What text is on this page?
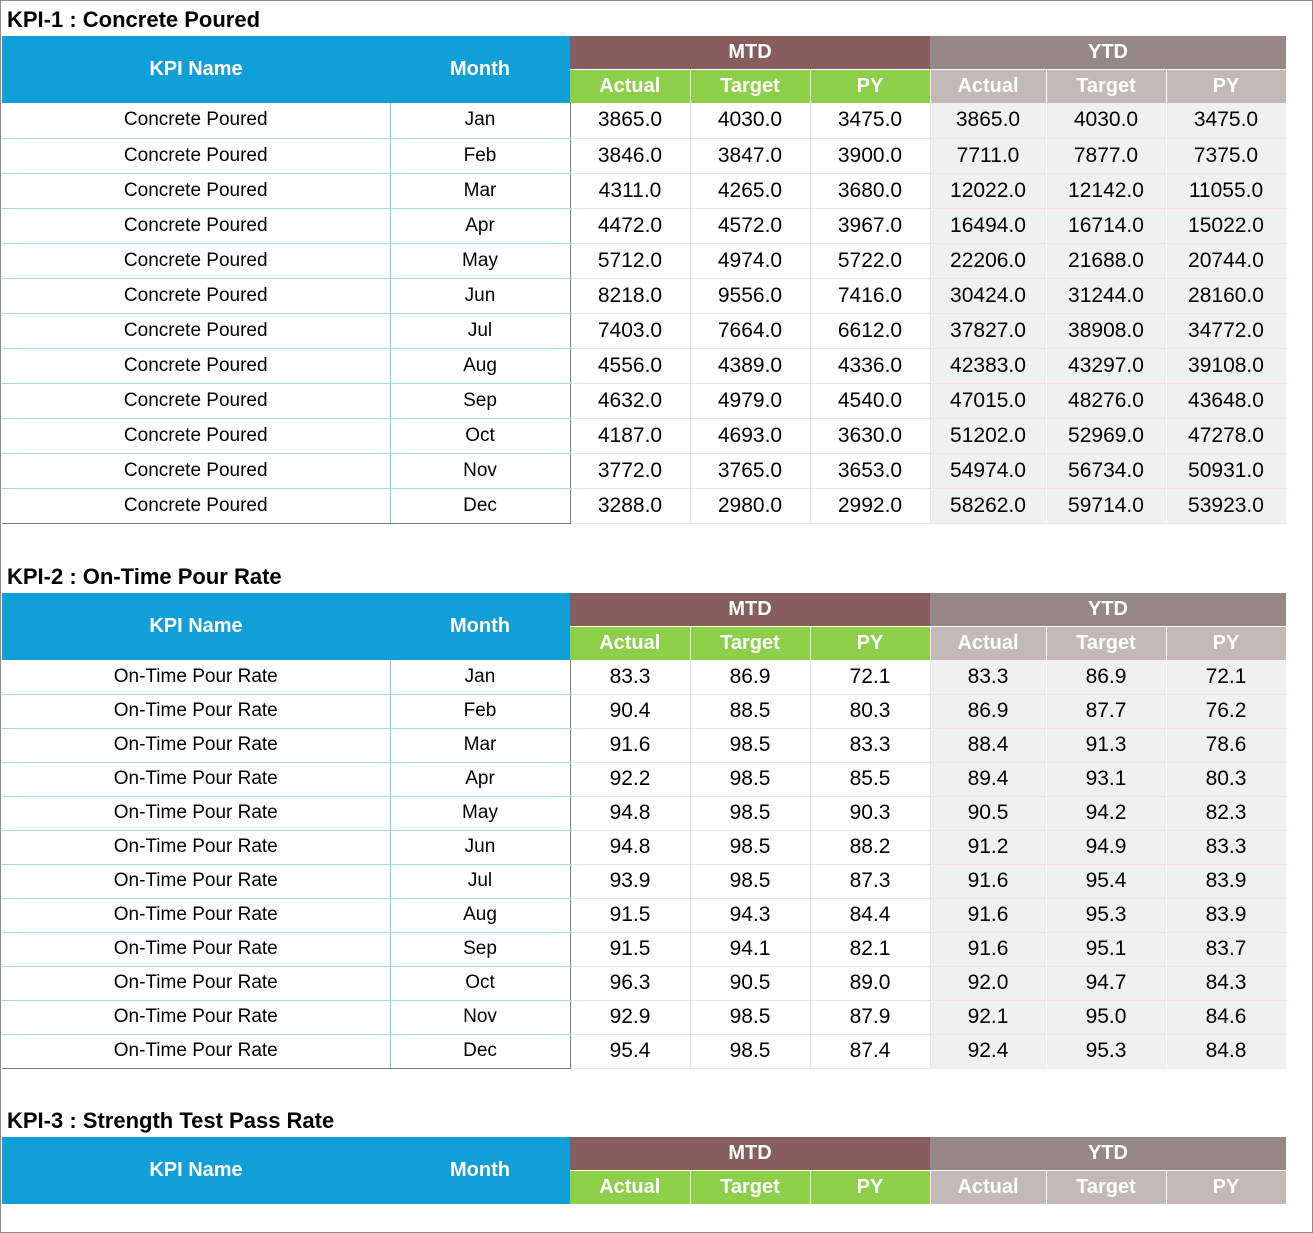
KPI-1 : Concrete Poured
KPI Name	Month	MTD			YTD		
		Actual	Target	PY	Actual	Target	PY
Concrete Poured	Jan	3865.0	4030.0	3475.0	3865.0	4030.0	3475.0
Concrete Poured	Feb	3846.0	3847.0	3900.0	7711.0	7877.0	7375.0
Concrete Poured	Mar	4311.0	4265.0	3680.0	12022.0	12142.0	11055.0
Concrete Poured	Apr	4472.0	4572.0	3967.0	16494.0	16714.0	15022.0
Concrete Poured	May	5712.0	4974.0	5722.0	22206.0	21688.0	20744.0
Concrete Poured	Jun	8218.0	9556.0	7416.0	30424.0	31244.0	28160.0
Concrete Poured	Jul	7403.0	7664.0	6612.0	37827.0	38908.0	34772.0
Concrete Poured	Aug	4556.0	4389.0	4336.0	42383.0	43297.0	39108.0
Concrete Poured	Sep	4632.0	4979.0	4540.0	47015.0	48276.0	43648.0
Concrete Poured	Oct	4187.0	4693.0	3630.0	51202.0	52969.0	47278.0
Concrete Poured	Nov	3772.0	3765.0	3653.0	54974.0	56734.0	50931.0
Concrete Poured	Dec	3288.0	2980.0	2992.0	58262.0	59714.0	53923.0
KPI-2 : On-Time Pour Rate
KPI Name	Month	MTD			YTD		
		Actual	Target	PY	Actual	Target	PY
On-Time Pour Rate	Jan	83.3	86.9	72.1	83.3	86.9	72.1
On-Time Pour Rate	Feb	90.4	88.5	80.3	86.9	87.7	76.2
On-Time Pour Rate	Mar	91.6	98.5	83.3	88.4	91.3	78.6
On-Time Pour Rate	Apr	92.2	98.5	85.5	89.4	93.1	80.3
On-Time Pour Rate	May	94.8	98.5	90.3	90.5	94.2	82.3
On-Time Pour Rate	Jun	94.8	98.5	88.2	91.2	94.9	83.3
On-Time Pour Rate	Jul	93.9	98.5	87.3	91.6	95.4	83.9
On-Time Pour Rate	Aug	91.5	94.3	84.4	91.6	95.3	83.9
On-Time Pour Rate	Sep	91.5	94.1	82.1	91.6	95.1	83.7
On-Time Pour Rate	Oct	96.3	90.5	89.0	92.0	94.7	84.3
On-Time Pour Rate	Nov	92.9	98.5	87.9	92.1	95.0	84.6
On-Time Pour Rate	Dec	95.4	98.5	87.4	92.4	95.3	84.8
KPI-3 : Strength Test Pass Rate
KPI Name	Month	MTD			YTD		
		Actual	Target	PY	Actual	Target	PY
